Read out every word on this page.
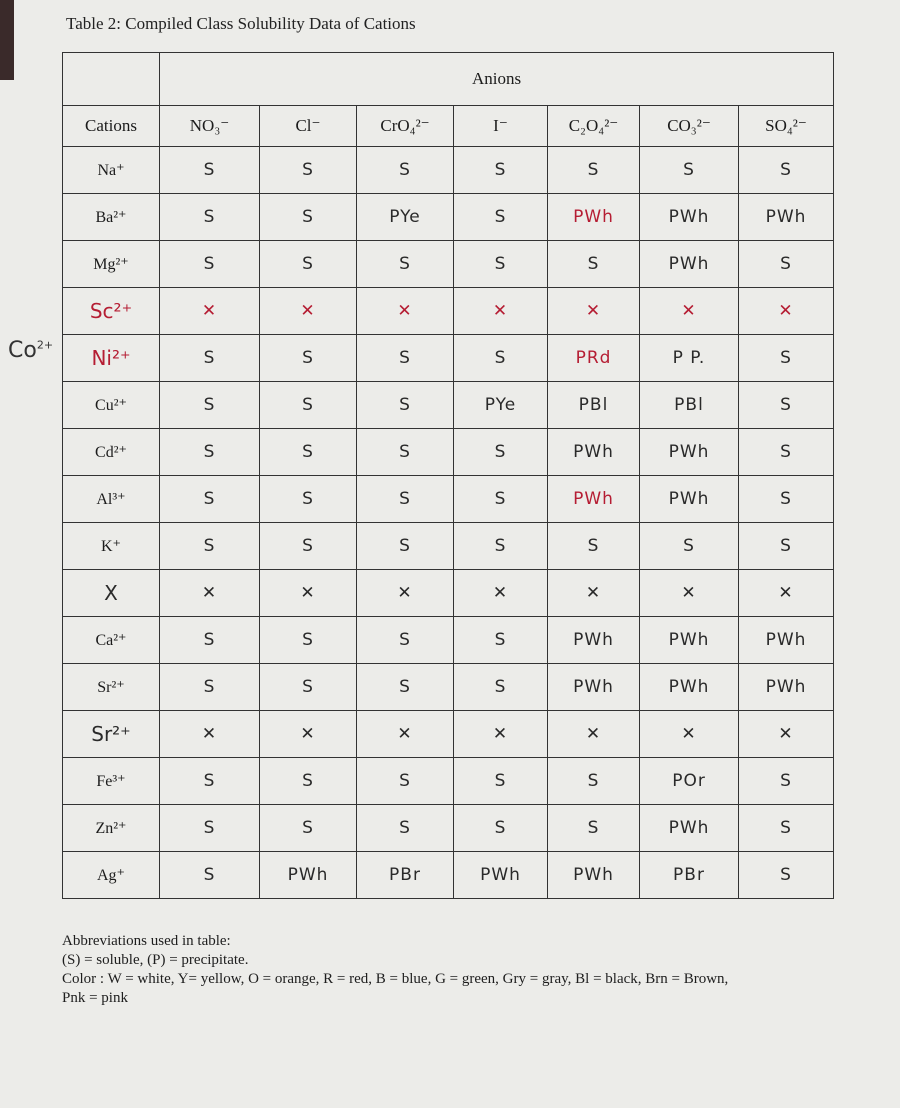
Table 2: Compiled Class Solubility Data of Cations
$Co^{2+}$
	Anions						
Cations	NO₃⁻	Cl⁻	CrO₄²⁻	I⁻	C₂O₄²⁻	CO₃²⁻	SO₄²⁻
Na⁺	S	S	S	S	S	S	S
Ba²⁺	S	S	PYe	S	PWh	PWh	PWh
Mg²⁺	S	S	S	S	S	PWh	S
Sc²⁺	✕	✕	✕	✕	✕	✕	✕
Ni²⁺	S	S	S	S	PRd	P P.	S
Cu²⁺	S	S	S	PYe	PBl	PBl	S
Cd²⁺	S	S	S	S	PWh	PWh	S
Al³⁺	S	S	S	S	PWh	PWh	S
K⁺	S	S	S	S	S	S	S
X	✕	✕	✕	✕	✕	✕	✕
Ca²⁺	S	S	S	S	PWh	PWh	PWh
Sr²⁺	S	S	S	S	PWh	PWh	PWh
Sr²⁺	✕	✕	✕	✕	✕	✕	✕
Fe³⁺	S	S	S	S	S	POr	S
Zn²⁺	S	S	S	S	S	PWh	S
Ag⁺	S	PWh	PBr	PWh	PWh	PBr	S
Abbreviations used in table:
(S) = soluble, (P) = precipitate.
Color : W = white, Y= yellow, O = orange, R = red, B = blue, G = green, Gry = gray, Bl = black, Brn = Brown,
Pnk = pink
